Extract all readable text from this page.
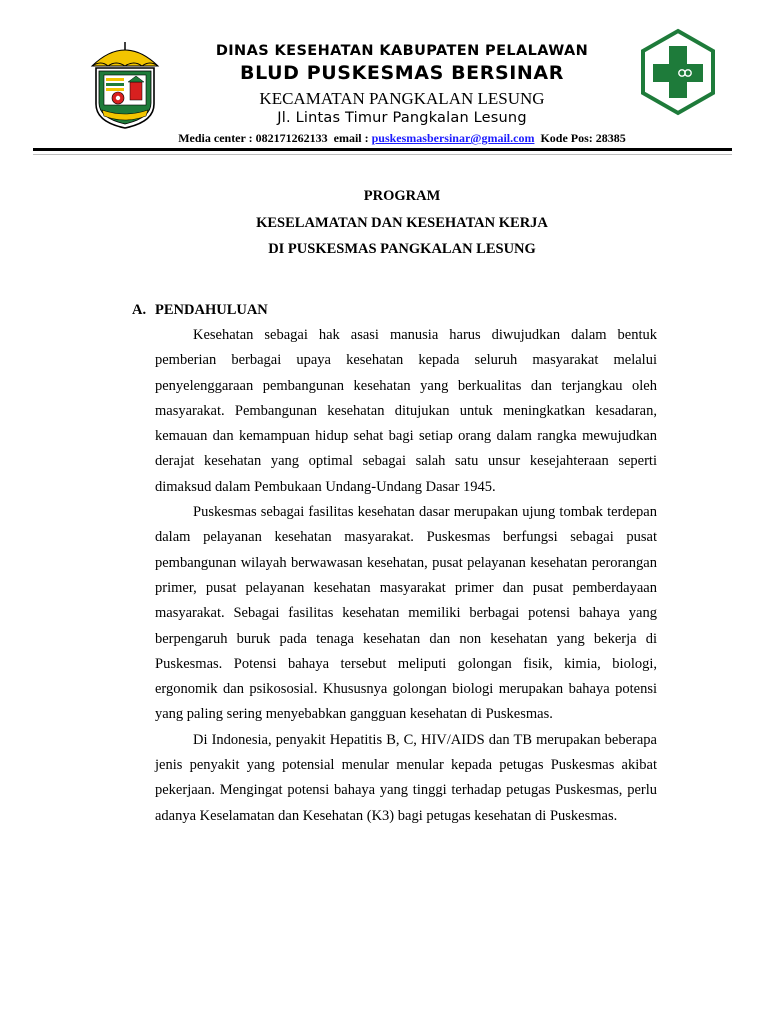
DINAS KESEHATAN KABUPATEN PELALAWAN
BLUD PUSKESMAS BERSINAR
KECAMATAN PANGKALAN LESUNG
Jl. Lintas Timur Pangkalan Lesung
Media center : 082171262133  email : puskesmasbersinar@gmail.com  Kode Pos: 28385
PROGRAM
KESELAMATAN DAN KESEHATAN KERJA
DI PUSKESMAS PANGKALAN LESUNG
A. PENDAHULUAN

Kesehatan sebagai hak asasi manusia harus diwujudkan dalam bentuk pemberian berbagai upaya kesehatan kepada seluruh masyarakat melalui penyelenggaraan pembangunan kesehatan yang berkualitas dan terjangkau oleh masyarakat. Pembangunan kesehatan ditujukan untuk meningkatkan kesadaran, kemauan dan kemampuan hidup sehat bagi setiap orang dalam rangka mewujudkan derajat kesehatan yang optimal sebagai salah satu unsur kesejahteraan seperti dimaksud dalam Pembukaan Undang-Undang Dasar 1945.

Puskesmas sebagai fasilitas kesehatan dasar merupakan ujung tombak terdepan dalam pelayanan kesehatan masyarakat. Puskesmas berfungsi sebagai pusat pembangunan wilayah berwawasan kesehatan, pusat pelayanan kesehatan perorangan primer, pusat pelayanan kesehatan masyarakat primer dan pusat pemberdayaan masyarakat. Sebagai fasilitas kesehatan memiliki berbagai potensi bahaya yang berpengaruh buruk pada tenaga kesehatan dan non kesehatan yang bekerja di Puskesmas. Potensi bahaya tersebut meliputi golongan fisik, kimia, biologi, ergonomik dan psikososial. Khususnya golongan biologi merupakan bahaya potensi yang paling sering menyebabkan gangguan kesehatan di Puskesmas.

Di Indonesia, penyakit Hepatitis B, C, HIV/AIDS dan TB merupakan beberapa jenis penyakit yang potensial menular menular kepada petugas Puskesmas akibat pekerjaan. Mengingat potensi bahaya yang tinggi terhadap petugas Puskesmas, perlu adanya Keselamatan dan Kesehatan (K3) bagi petugas kesehatan di Puskesmas.
